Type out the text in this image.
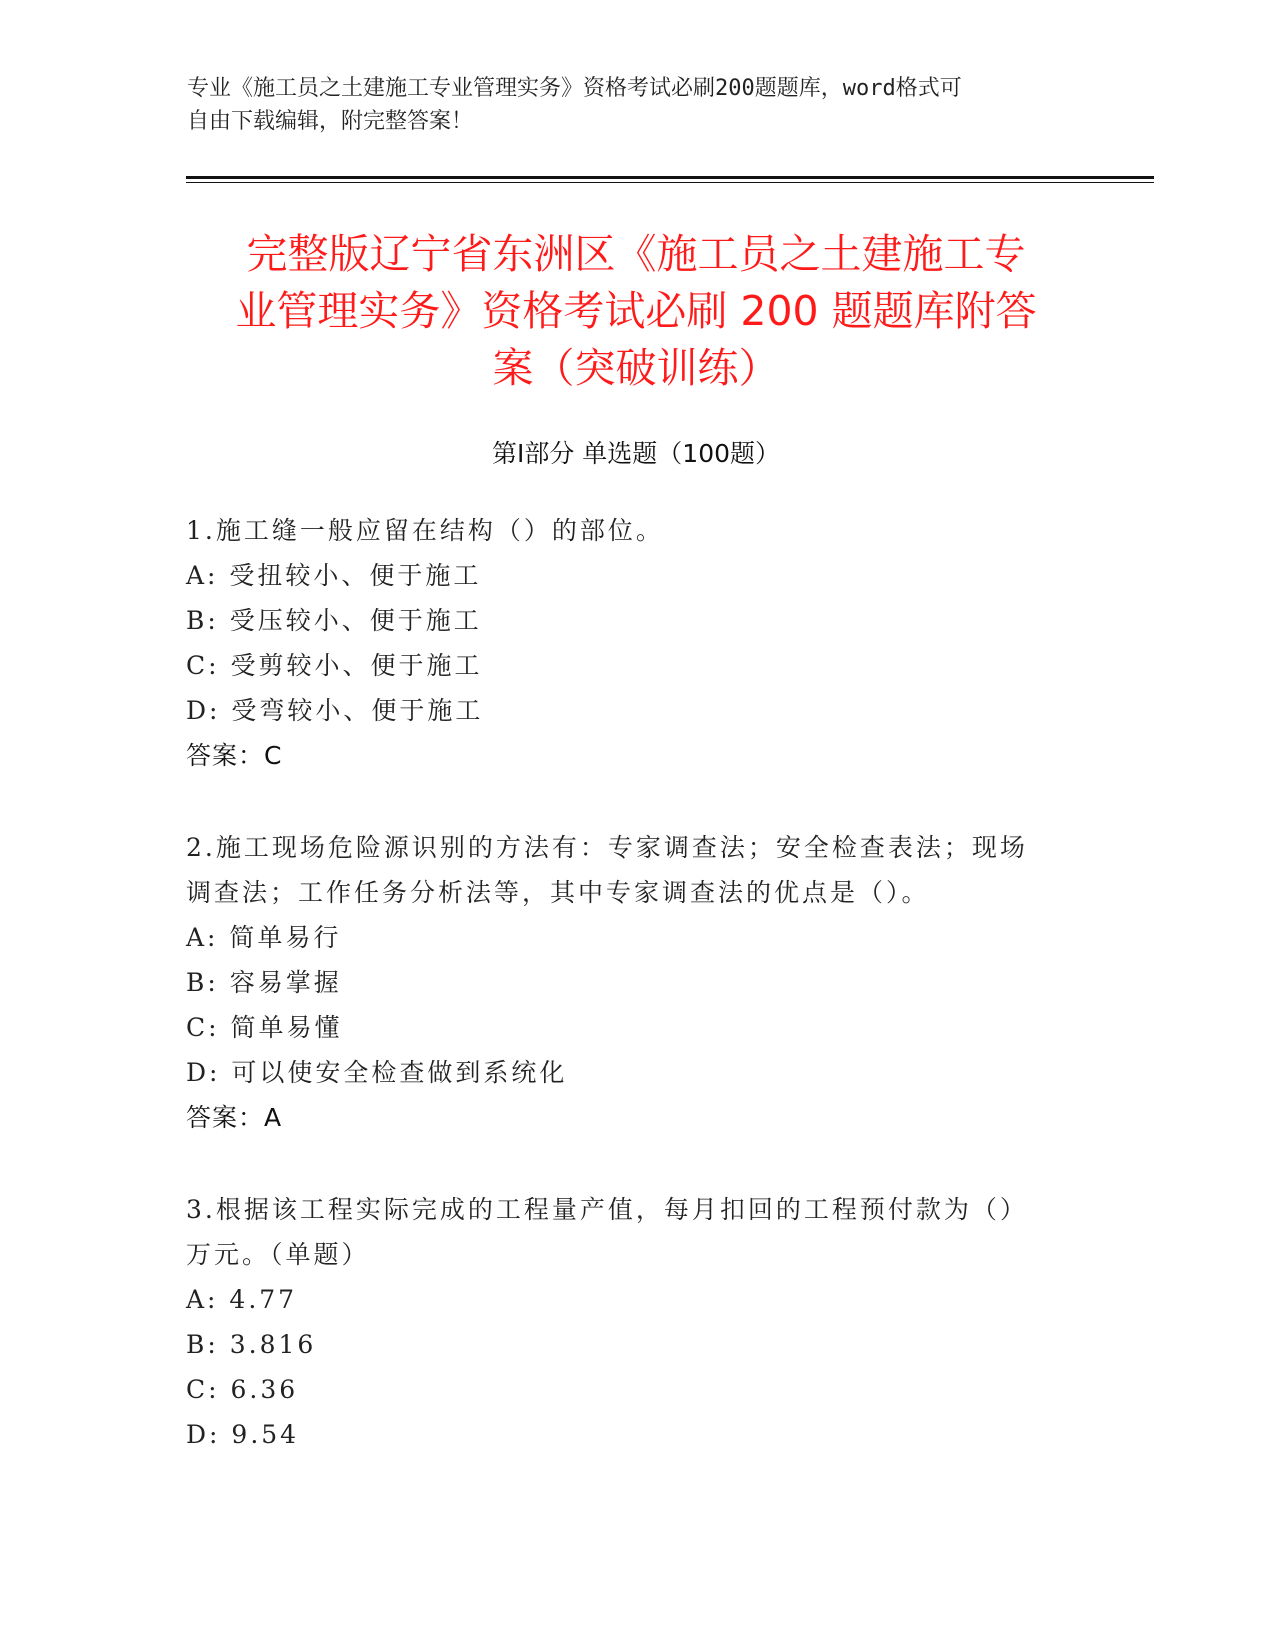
专业《施工员之土建施工专业管理实务》资格考试必刷200题题库，word格式可
自由下载编辑，附完整答案！
完整版辽宁省东洲区《施工员之土建施工专
业管理实务》资格考试必刷 200 题题库附答
案（突破训练）
第Ⅰ部分 单选题（100题）
1.施工缝一般应留在结构（）的部位。
A: 受扭较小、便于施工
B: 受压较小、便于施工
C: 受剪较小、便于施工
D: 受弯较小、便于施工
答案：C
2.施工现场危险源识别的方法有：专家调查法；安全检查表法；现场
调查法；工作任务分析法等，其中专家调查法的优点是（）。
A: 简单易行
B: 容易掌握
C: 简单易懂
D: 可以使安全检查做到系统化
答案：A
3.根据该工程实际完成的工程量产值，每月扣回的工程预付款为（）
万元。（单题）
A: 4.77
B: 3.816
C: 6.36
D: 9.54
